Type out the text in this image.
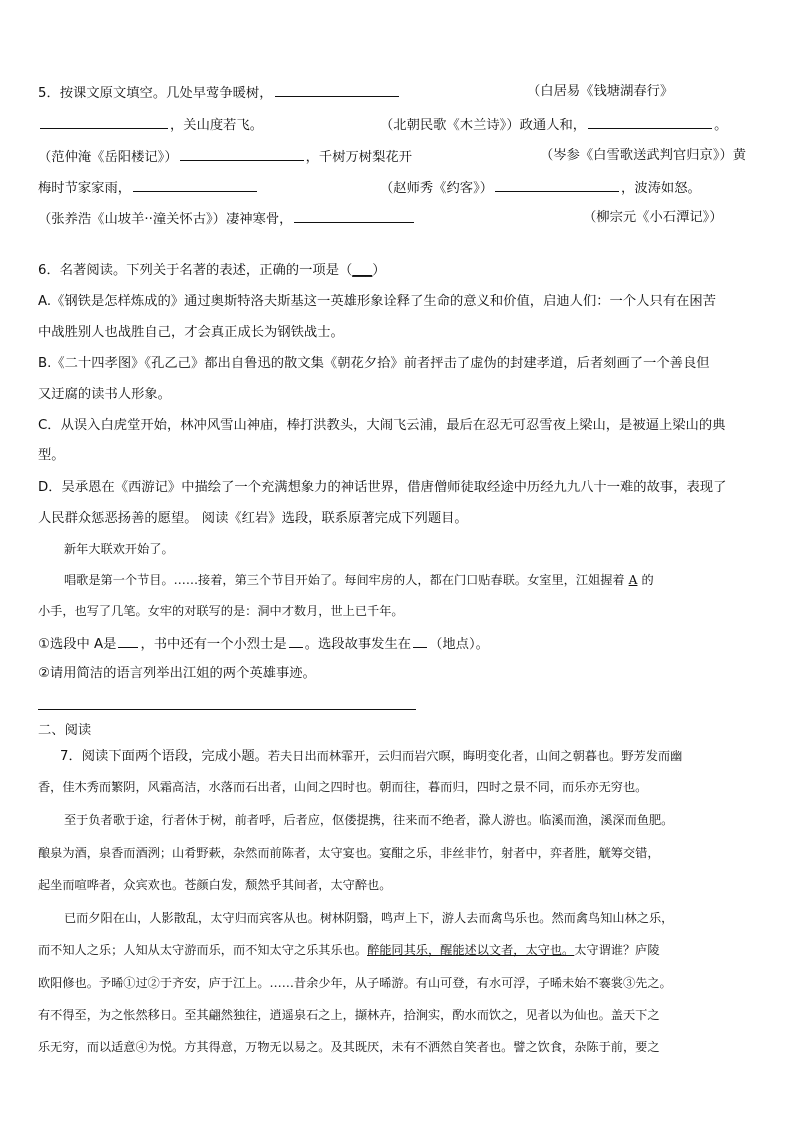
5．按课文原文填空。几处早莺争暖树，	（白居易《钱塘湖春行》
，关山度若飞。	（北朝民歌《木兰诗》）政通人和，	。
（范仲淹《岳阳楼记》）	，千树万树梨花开	（岑参《白雪歌送武判官归京》）黄
梅时节家家雨，	（赵师秀《约客》）	，波涛如怒。
（张养浩《山坡羊··潼关怀古》）凄神寒骨，	（柳宗元《小石潭记》）
6．名著阅读。下列关于名著的表述，正确的一项是（___）
A.《钢铁是怎样炼成的》通过奥斯特洛夫斯基这一英雄形象诠释了生命的意义和价值，启迪人们：一个人只有在困苦
中战胜别人也战胜自己，才会真正成长为钢铁战士。
B.《二十四孝图》《孔乙己》都出自鲁迅的散文集《朝花夕拾》前者抨击了虚伪的封建孝道，后者刻画了一个善良但
又迂腐的读书人形象。
C．从误入白虎堂开始，林冲风雪山神庙，棒打洪教头，大闹飞云浦，最后在忍无可忍雪夜上梁山，是被逼上梁山的典
型。
D．吴承恩在《西游记》中描绘了一个充满想象力的神话世界，借唐僧师徒取经途中历经九九八十一难的故事，表现了
人民群众惩恶扬善的愿望。 阅读《红岩》选段，联系原著完成下列题目。
新年大联欢开始了。
唱歌是第一个节目。……接着，第三个节目开始了。每间牢房的人，都在门口贴春联。女室里，江姐握着 A 的
小手，也写了几笔。女牢的对联写的是：洞中才数月，世上已千年。
①选段中 A是 ，书中还有一个小烈士是 。选段故事发生在 （地点）。
②请用简洁的语言列举出江姐的两个英雄事迹。
二、阅读
7．阅读下面两个语段，完成小题。若夫日出而林霏开，云归而岩穴暝，晦明变化者，山间之朝暮也。野芳发而幽
香，佳木秀而繁阴，风霜高洁，水落而石出者，山间之四时也。朝而往，暮而归，四时之景不同，而乐亦无穷也。
至于负者歌于途，行者休于树，前者呼，后者应，伛偻提携，往来而不绝者，滁人游也。临溪而渔，溪深而鱼肥。
酿泉为酒，泉香而酒洌；山肴野蔌，杂然而前陈者，太守宴也。宴酣之乐，非丝非竹，射者中，弈者胜，觥筹交错，
起坐而喧哗者，众宾欢也。苍颜白发，颓然乎其间者，太守醉也。
已而夕阳在山，人影散乱，太守归而宾客从也。树林阴翳，鸣声上下，游人去而禽鸟乐也。然而禽鸟知山林之乐，
而不知人之乐；人知从太守游而乐，而不知太守之乐其乐也。醉能同其乐，醒能述以文者，太守也。太守谓谁？庐陵
欧阳修也。予晞①过②于齐安，庐于江上。……昔余少年，从子晞游。有山可登，有水可浮，子晞未始不褰裳③先之。
有不得至，为之怅然移日。至其翩然独往，逍遥泉石之上，撷林卉，拾涧实，酌水而饮之，见者以为仙也。盖天下之
乐无穷，而以适意④为悦。方其得意，万物无以易之。及其既厌，未有不洒然自笑者也。譬之饮食，杂陈于前，要之
